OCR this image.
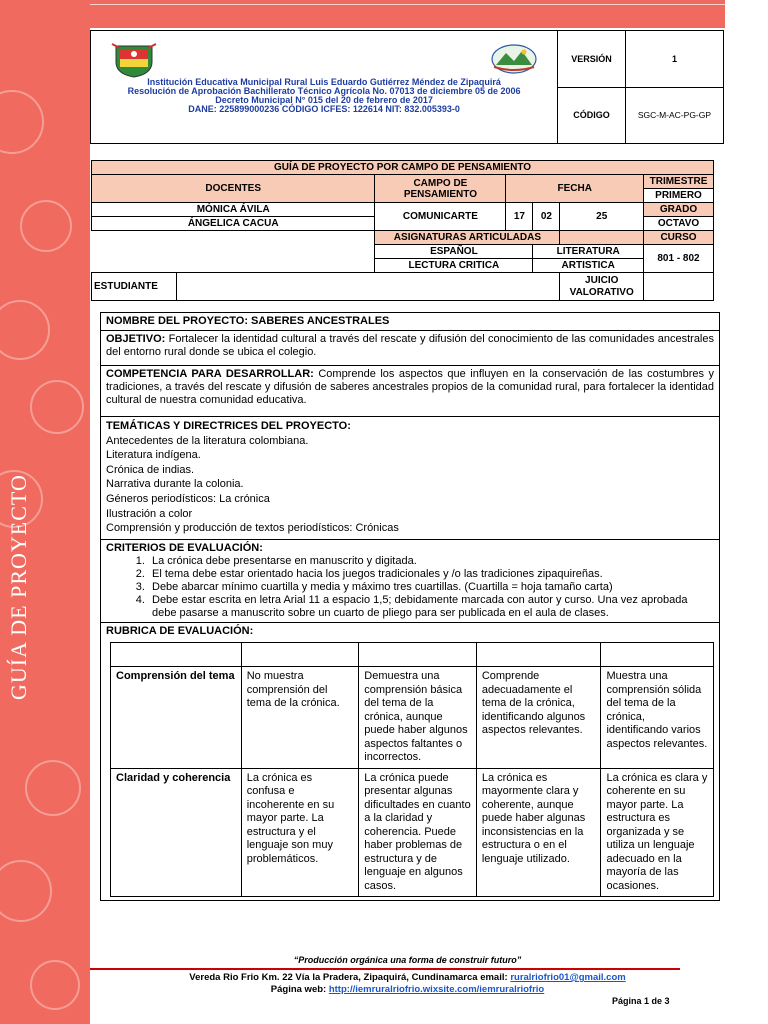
GUÍA DE PROYECTO
Institución Educativa Municipal Rural Luis Eduardo Gutiérrez Méndez de Zipaquirá
Resolución de Aprobación Bachillerato Técnico Agrícola No. 07013 de diciembre 05 de 2006
Decreto Municipal N° 015 del 20 de febrero de 2017
DANE: 225899000236 CÓDIGO ICFES: 122614 NIT: 832.005393-0	VERSIÓN	1
	CÓDIGO	SGC-M-AC-PG-GP
GUÍA DE PROYECTO POR CAMPO DE PENSAMIENTO						
DOCENTES		CAMPO DE PENSAMIENTO	FECHA			TRIMESTRE
						PRIMERO
MÓNICA ÁVILA		COMUNICARTE	17	02	25	GRADO
ÁNGELICA CACUA						OCTAVO
		ASIGNATURAS ARTICULADAS				CURSO
		ESPAÑOL		LITERATURA		801 - 802
		LECTURA CRITICA		ARTISTICA		
ESTUDIANTE					JUICIO VALORATIVO	
NOMBRE DEL PROYECTO: SABERES ANCESTRALES
OBJETIVO: Fortalecer la identidad cultural a través del rescate y difusión del conocimiento de las comunidades ancestrales del entorno rural donde se ubica el colegio.
COMPETENCIA PARA DESARROLLAR: Comprende los aspectos que influyen en la conservación de las costumbres y tradiciones, a través del rescate y difusión de saberes ancestrales propios de la comunidad rural, para fortalecer la identidad cultural de nuestra comunidad educativa.

TEMÁTICAS Y DIRECTRICES DEL PROYECTO:
Antecedentes de la literatura colombiana.
Literatura indígena.
Crónica de indias.
Narrativa durante la colonia.
Géneros periodísticos: La crónica
Ilustración a color
Comprensión y producción de textos periodísticos: Crónicas

CRITERIOS DE EVALUACIÓN:
1. La crónica debe presentarse en manuscrito y digitada.
2. El tema debe estar orientado hacia los juegos tradicionales y /o las tradiciones zipaquireñas.
3. Debe abarcar mínimo cuartilla y media y máximo tres cuartillas. (Cuartilla = hoja tamaño carta)
4. Debe estar escrita en letra Arial 11 a espacio 1,5; debidamente marcada con autor y curso. Una vez aprobada debe pasarse a manuscrito sobre un cuarto de pliego para ser publicada en el aula de clases.

RUBRICA DE EVALUACIÓN:

Comprensión del tema	No muestra comprensión del tema de la crónica.	Demuestra una comprensión básica del tema de la crónica, aunque puede haber algunos aspectos faltantes o incorrectos.	Comprende adecuadamente el tema de la crónica, identificando algunos aspectos relevantes.	Muestra una comprensión sólida del tema de la crónica, identificando varios aspectos relevantes.
Claridad y coherencia	La crónica es confusa e incoherente en su mayor parte. La estructura y el lenguaje son muy problemáticos.	La crónica puede presentar algunas dificultades en cuanto a la claridad y coherencia. Puede haber problemas de estructura y de lenguaje en algunos casos.	La crónica es mayormente clara y coherente, aunque puede haber algunas inconsistencias en la estructura o en el lenguaje utilizado.	La crónica es clara y coherente en su mayor parte. La estructura es organizada y se utiliza un lenguaje adecuado en la mayoría de las ocasiones.
“Producción orgánica una forma de construir futuro”
Vereda Rio Frio Km. 22 Vía la Pradera, Zipaquirá, Cundinamarca email: ruralriofrio01@gmail.com
Página web: http://iemruralriofrio.wixsite.com/iemruralriofrio
Página 1 de 3
